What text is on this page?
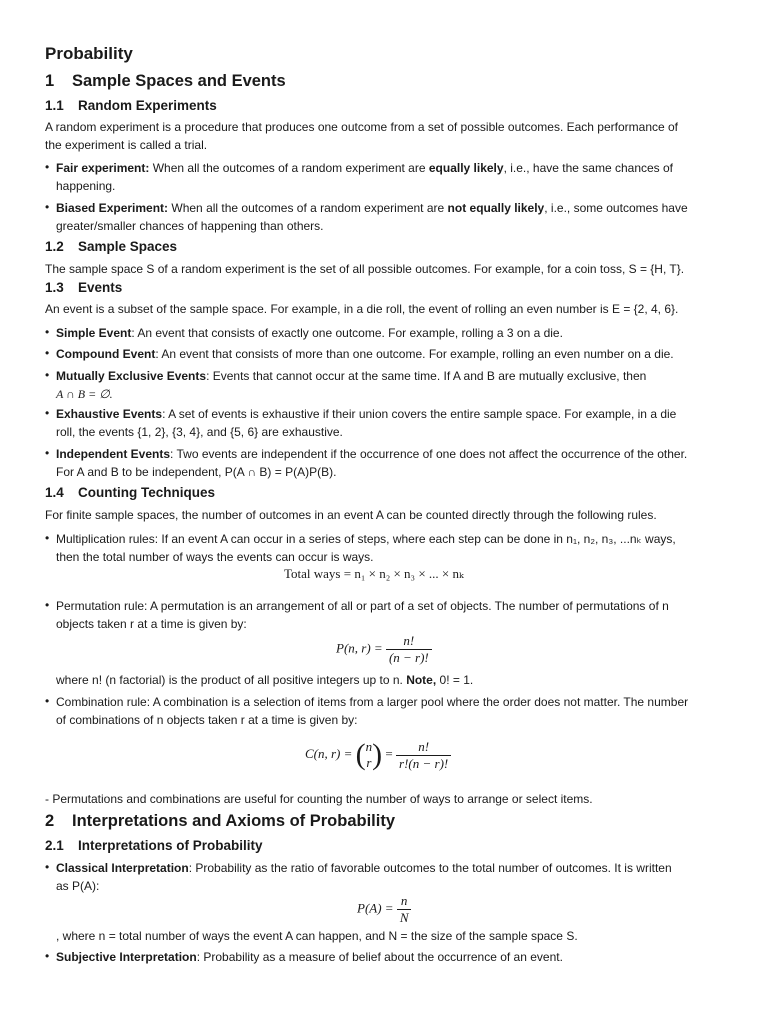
Probability
1 Sample Spaces and Events
1.1 Random Experiments
A random experiment is a procedure that produces one outcome from a set of possible outcomes. Each performance of
the experiment is called a trial.
• Fair experiment: When all the outcomes of a random experiment are equally likely, i.e., have the same chances of
happening.
• Biased Experiment: When all the outcomes of a random experiment are not equally likely, i.e., some outcomes have
greater/smaller chances of happening than others.
1.2 Sample Spaces
The sample space S of a random experiment is the set of all possible outcomes. For example, for a coin toss, S = {H, T}.
1.3 Events
An event is a subset of the sample space. For example, in a die roll, the event of rolling an even number is E = {2, 4, 6}.
• Simple Event: An event that consists of exactly one outcome. For example, rolling a 3 on a die.
• Compound Event: An event that consists of more than one outcome. For example, rolling an even number on a die.
• Mutually Exclusive Events: Events that cannot occur at the same time. If A and B are mutually exclusive, then
A ∩ B = ∅.
• Exhaustive Events: A set of events is exhaustive if their union covers the entire sample space. For example, in a die
roll, the events {1, 2}, {3, 4}, and {5, 6} are exhaustive.
• Independent Events: Two events are independent if the occurrence of one does not affect the occurrence of the other.
For A and B to be independent, P(A ∩ B) = P(A)P(B).
1.4 Counting Techniques
For finite sample spaces, the number of outcomes in an event A can be counted directly through the following rules.
• Multiplication rules: If an event A can occur in a series of steps, where each step can be done in n₁, n₂, n₃, ...nₖ ways,
then the total number of ways the events can occur is ways.
Total ways = n₁ × n₂ × n₃ × ... × nₖ
• Permutation rule: A permutation is an arrangement of all or part of a set of objects. The number of permutations of n
objects taken r at a time is given by:
P(n, $r) = \frac{n!}{(n - r)!}$
where n! (n factorial) is the product of all positive integers up to n. Note, 0! = 1.
• Combination rule: A combination is a selection of items from a larger pool where the order does not matter. The number
of combinations of n objects taken r at a time is given by:
C(n, r) = ( n
r ) = $\frac{n!}{r!(n - r)!}$
- Permutations and combinations are useful for counting the number of ways to arrange or select items.
2 Interpretations and Axioms of Probability
2.1 Interpretations of Probability
• Classical Interpretation: Probability as the ratio of favorable outcomes to the total number of outcomes. It is written
as P(A):
$P(A) = \frac{n}{N}$
, where n = total number of ways the event A can happen, and N = the size of the sample space S.
• Subjective Interpretation: Probability as a measure of belief about the occurrence of an event.
